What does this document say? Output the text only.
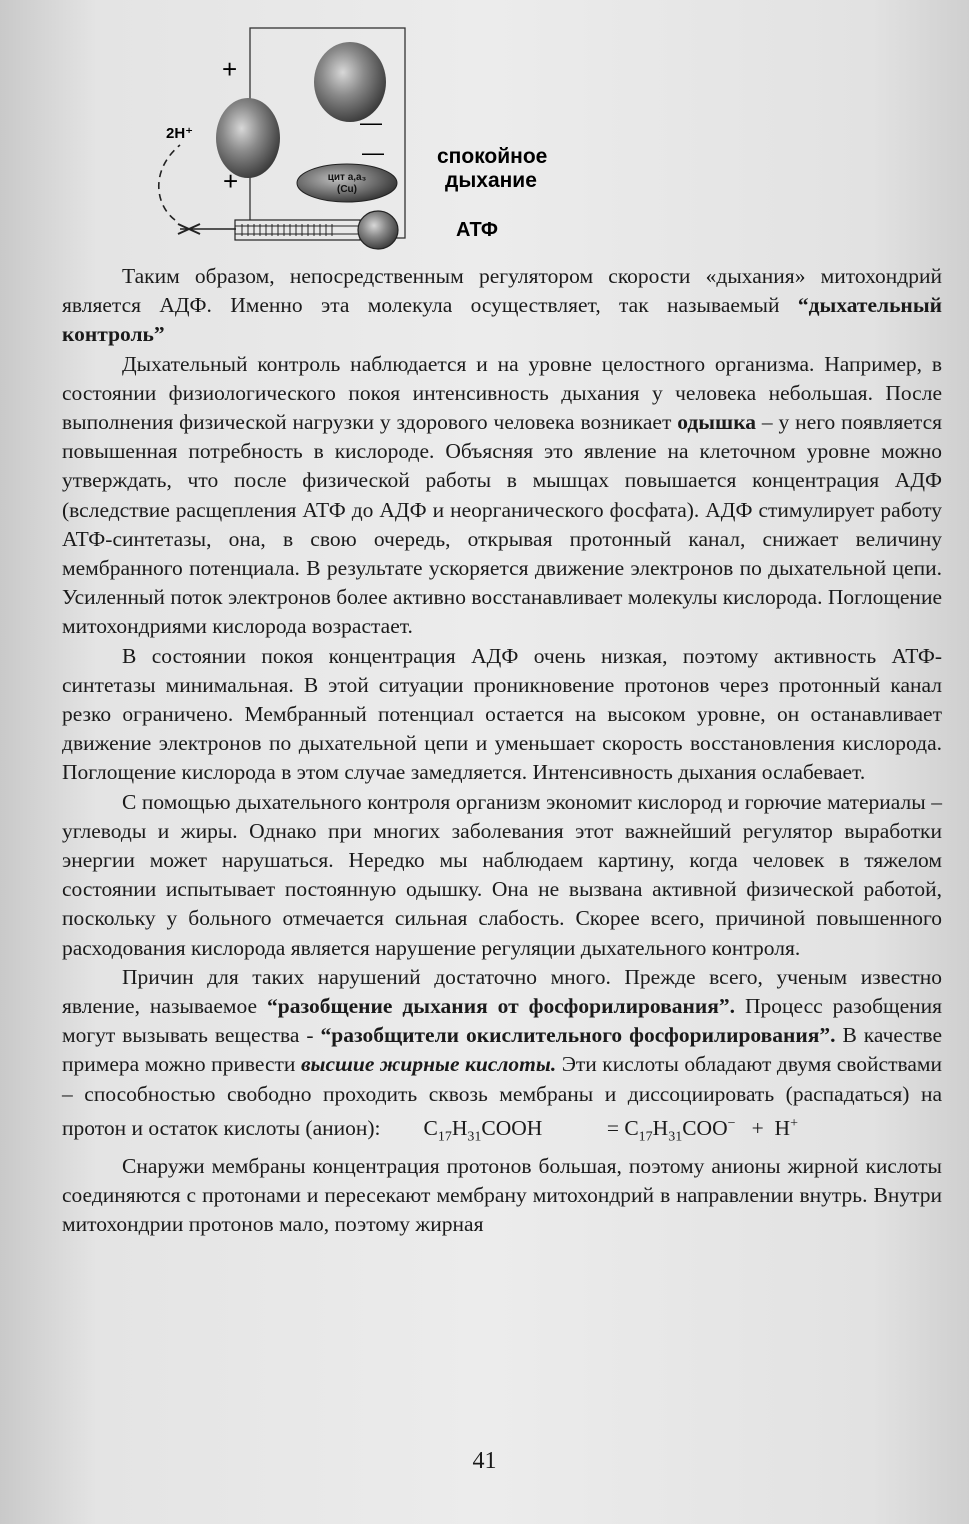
+
+
—
—
2H⁺
цит a,a₃
(Cu)
спокойное
дыхание
АТФ

Таким образом, непосредственным регулятором скорости «дыхания» митохондрий является АДФ. Именно эта молекула осуществляет, так называемый “дыхательный контроль”

Дыхательный контроль наблюдается и на уровне целостного организма. Например, в состоянии физиологического покоя интенсивность дыхания у человека небольшая. После выполнения физической нагрузки у здорового человека возникает одышка – у него появляется повышенная потребность в кислороде. Объясняя это явление на клеточном уровне можно утверждать, что после физической работы в мышцах повышается концентрация АДФ (вследствие расщепления АТФ до АДФ и неорганического фосфата). АДФ стимулирует работу АТФ-синтетазы, она, в свою очередь, открывая протонный канал, снижает величину мембранного потенциала. В результате ускоряется движение электронов по дыхательной цепи. Усиленный поток электронов более активно восстанавливает молекулы кислорода. Поглощение митохондриями кислорода возрастает.

В состоянии покоя концентрация АДФ очень низкая, поэтому активность АТФ-синтетазы минимальная. В этой ситуации проникновение протонов через протонный канал резко ограничено. Мембранный потенциал остается на высоком уровне, он останавливает движение электронов по дыхательной цепи и уменьшает скорость восстановления кислорода. Поглощение кислорода в этом случае замедляется. Интенсивность дыхания ослабевает.

С помощью дыхательного контроля организм экономит кислород и горючие материалы – углеводы и жиры. Однако при многих заболевания этот важнейший регулятор выработки энергии может нарушаться. Нередко мы наблюдаем картину, когда человек в тяжелом состоянии испытывает постоянную одышку. Она не вызвана активной физической работой, поскольку у больного отмечается сильная слабость. Скорее всего, причиной повышенного расходования кислорода является нарушение регуляции дыхательного контроля.

Причин для таких нарушений достаточно много. Прежде всего, ученым известно явление, называемое “разобщение дыхания от фосфорилирования”. Процесс разобщения могут вызывать вещества - “разобщители окислительного фосфорилирования”. В качестве примера можно привести высшие жирные кислоты. Эти кислоты обладают двумя свойствами – способностью свободно проходить сквозь мембраны и диссоциировать (распадаться) на протон и остаток кислоты (анион): $C_{17}H_{31}COOH$	= $C_{17}H_{31}COO^- + H^+$

Снаружи мембраны концентрация протонов большая, поэтому анионы жирной кислоты соединяются с протонами и пересекают мембрану митохондрий в направлении внутрь. Внутри митохондрии протонов мало, поэтому жирная

41
